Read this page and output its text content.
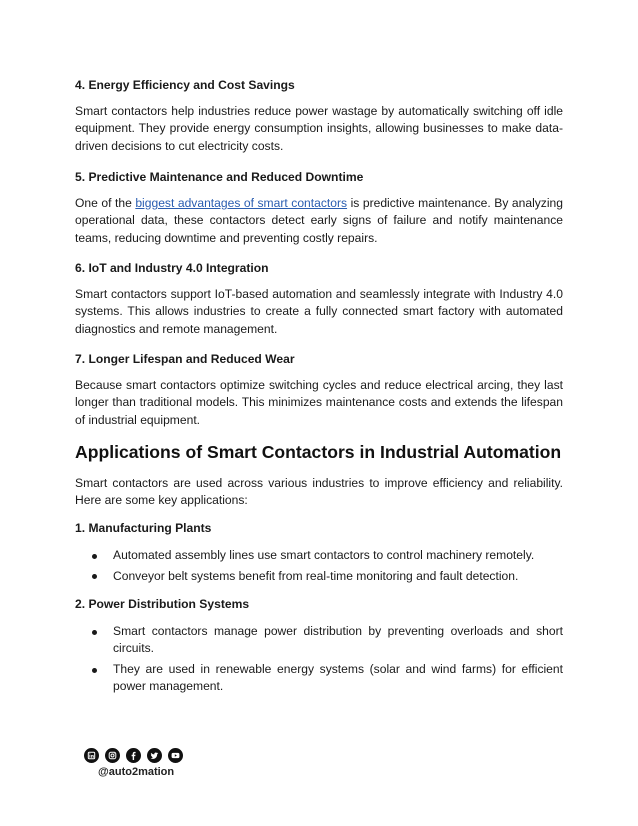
4. Energy Efficiency and Cost Savings
Smart contactors help industries reduce power wastage by automatically switching off idle equipment. They provide energy consumption insights, allowing businesses to make data-driven decisions to cut electricity costs.
5. Predictive Maintenance and Reduced Downtime
One of the biggest advantages of smart contactors is predictive maintenance. By analyzing operational data, these contactors detect early signs of failure and notify maintenance teams, reducing downtime and preventing costly repairs.
6. IoT and Industry 4.0 Integration
Smart contactors support IoT-based automation and seamlessly integrate with Industry 4.0 systems. This allows industries to create a fully connected smart factory with automated diagnostics and remote management.
7. Longer Lifespan and Reduced Wear
Because smart contactors optimize switching cycles and reduce electrical arcing, they last longer than traditional models. This minimizes maintenance costs and extends the lifespan of industrial equipment.
Applications of Smart Contactors in Industrial Automation
Smart contactors are used across various industries to improve efficiency and reliability. Here are some key applications:
1. Manufacturing Plants
Automated assembly lines use smart contactors to control machinery remotely.
Conveyor belt systems benefit from real-time monitoring and fault detection.
2. Power Distribution Systems
Smart contactors manage power distribution by preventing overloads and short circuits.
They are used in renewable energy systems (solar and wind farms) for efficient power management.
@auto2mation
